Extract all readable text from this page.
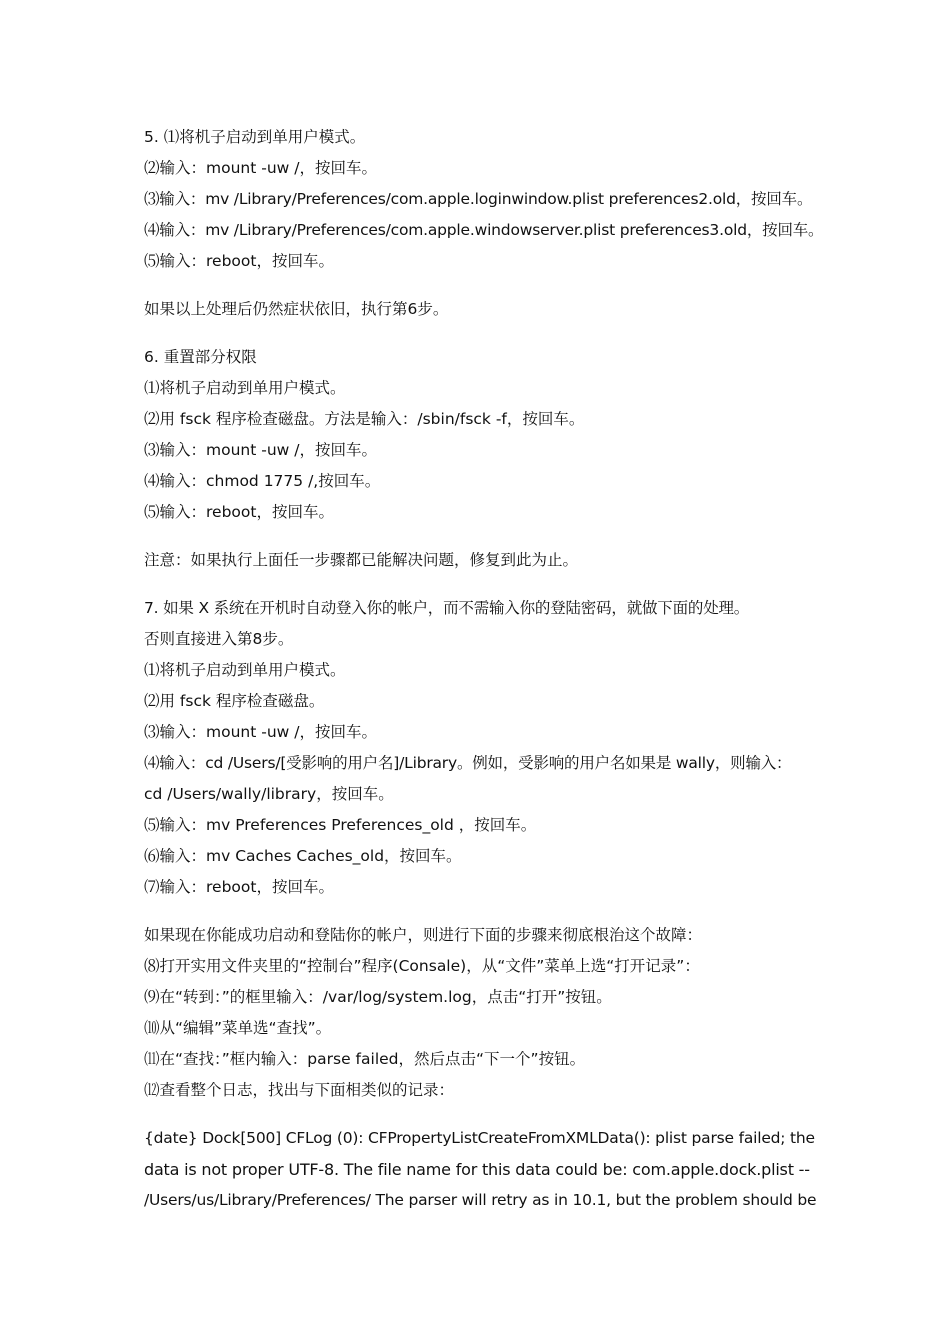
5. ⑴将机子启动到单用户模式。
⑵输入：mount -uw /，按回车。
⑶输入：mv /Library/Preferences/com.apple.loginwindow.plist preferences2.old，按回车。
⑷输入：mv /Library/Preferences/com.apple.windowserver.plist preferences3.old，按回车。
⑸输入：reboot，按回车。
如果以上处理后仍然症状依旧，执行第6步。
6. 重置部分权限
⑴将机子启动到单用户模式。
⑵用 fsck 程序检查磁盘。方法是输入：/sbin/fsck -f，按回车。
⑶输入：mount -uw /，按回车。
⑷输入：chmod 1775 /,按回车。
⑸输入：reboot，按回车。
注意：如果执行上面任一步骤都已能解决问题，修复到此为止。
7. 如果 X 系统在开机时自动登入你的帐户，而不需输入你的登陆密码，就做下面的处理。
否则直接进入第8步。
⑴将机子启动到单用户模式。
⑵用 fsck 程序检查磁盘。
⑶输入：mount -uw /，按回车。
⑷输入：cd /Users/[受影响的用户名]/Library。例如，受影响的用户名如果是 wally，则输入：
cd /Users/wally/library，按回车。
⑸输入：mv Preferences Preferences_old ，按回车。
⑹输入：mv Caches Caches_old，按回车。
⑺输入：reboot，按回车。
如果现在你能成功启动和登陆你的帐户，则进行下面的步骤来彻底根治这个故障：
⑻打开实用文件夹里的“控制台”程序(Consale)，从“文件”菜单上选“打开记录”：
⑼在“转到：”的框里输入：/var/log/system.log，点击“打开”按钮。
⑽从“编辑”菜单选“查找”。
⑾在“查找：”框内输入：parse failed，然后点击“下一个”按钮。
⑿查看整个日志，找出与下面相类似的记录：
{date} Dock[500] CFLog (0): CFPropertyListCreateFromXMLData(): plist parse failed; the
data is not proper UTF-8. The file name for this data could be: com.apple.dock.plist --
/Users/us/Library/Preferences/ The parser will retry as in 10.1, but the problem should be
